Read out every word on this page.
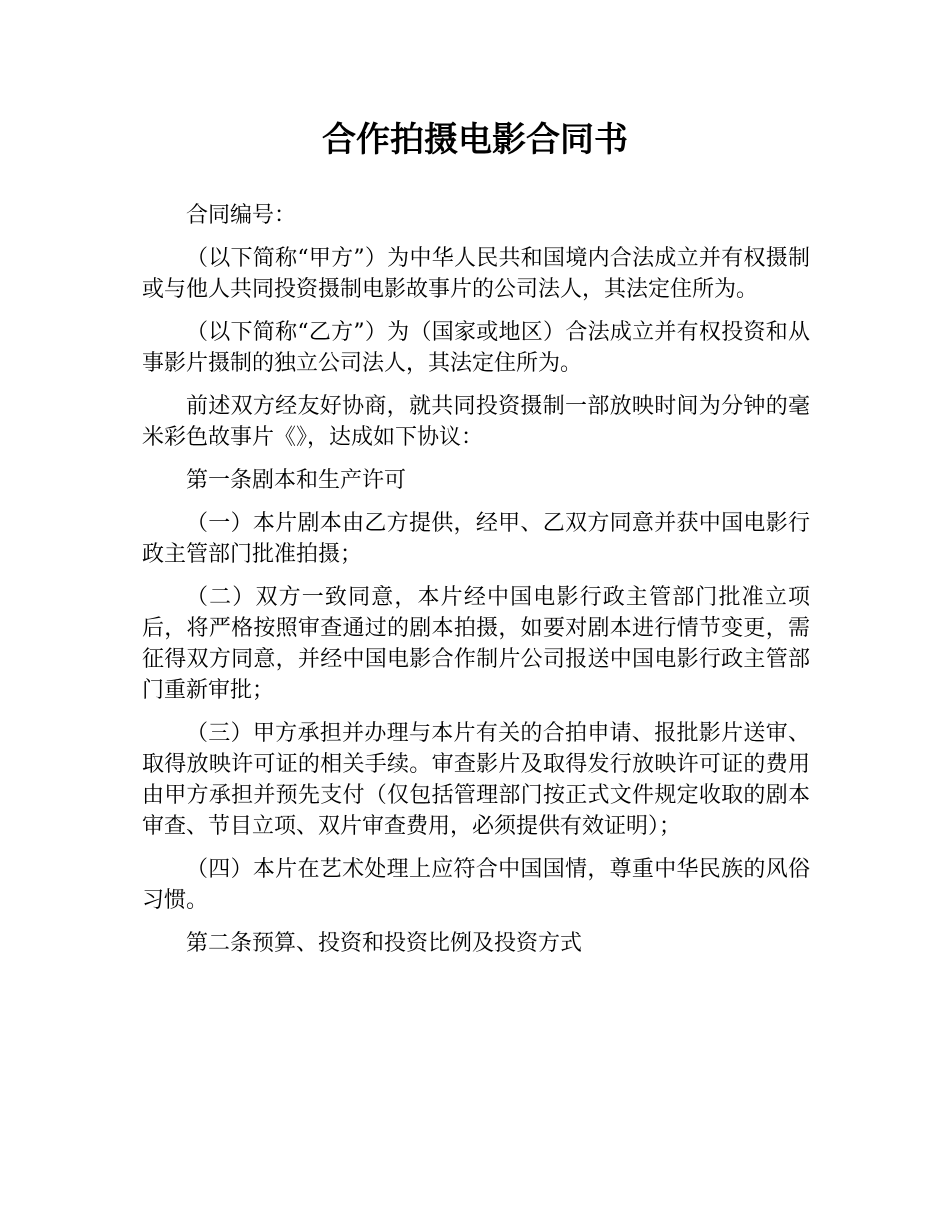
合作拍摄电影合同书

合同编号：

（以下简称“甲方”）为中华人民共和国境内合法成立并有权摄制或与他人共同投资摄制电影故事片的公司法人，其法定住所为。

（以下简称“乙方”）为（国家或地区）合法成立并有权投资和从事影片摄制的独立公司法人，其法定住所为。

前述双方经友好协商，就共同投资摄制一部放映时间为分钟的毫米彩色故事片《》，达成如下协议：

第一条剧本和生产许可

（一）本片剧本由乙方提供，经甲、乙双方同意并获中国电影行政主管部门批准拍摄；

（二）双方一致同意，本片经中国电影行政主管部门批准立项后，将严格按照审查通过的剧本拍摄，如要对剧本进行情节变更，需征得双方同意，并经中国电影合作制片公司报送中国电影行政主管部门重新审批；

（三）甲方承担并办理与本片有关的合拍申请、报批影片送审、取得放映许可证的相关手续。审查影片及取得发行放映许可证的费用由甲方承担并预先支付（仅包括管理部门按正式文件规定收取的剧本审查、节目立项、双片审查费用，必须提供有效证明）；

（四）本片在艺术处理上应符合中国国情，尊重中华民族的风俗习惯。

第二条预算、投资和投资比例及投资方式
